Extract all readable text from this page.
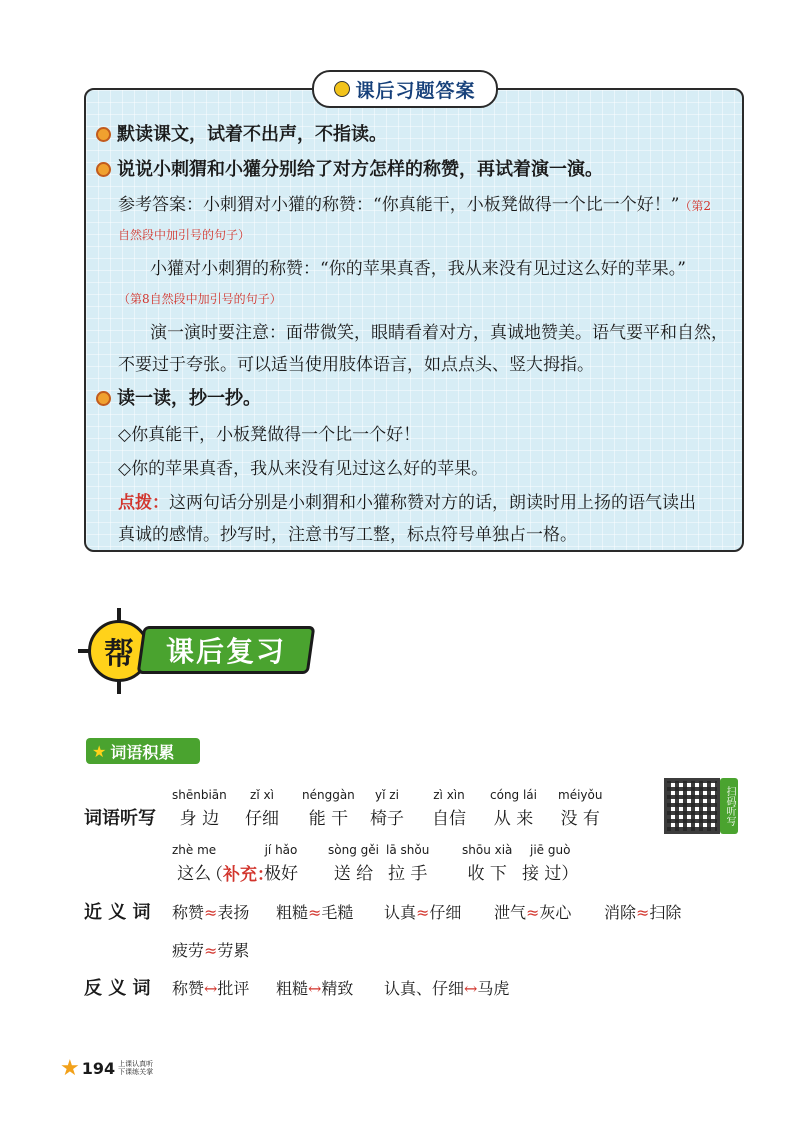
课后习题答案
默读课文，试着不出声，不指读。
说说小刺猬和小獾分别给了对方怎样的称赞，再试着演一演。
参考答案：小刺猬对小獾的称赞：“你真能干，小板凳做得一个比一个好！”（第2
自然段中加引号的句子）
小獾对小刺猬的称赞：“你的苹果真香，我从来没有见过这么好的苹果。”
（第8自然段中加引号的句子）
演一演时要注意：面带微笑，眼睛看着对方，真诚地赞美。语气要平和自然，
不要过于夸张。可以适当使用肢体语言，如点点头、竖大拇指。
读一读，抄一抄。
◇你真能干，小板凳做得一个比一个好！
◇你的苹果真香，我从来没有见过这么好的苹果。
点拨：这两句话分别是小刺猬和小獾称赞对方的话，朗读时用上扬的语气读出
真诚的感情。抄写时，注意书写工整，标点符号单独占一格。
帮 课后复习
★ 词语积累
词语听写
shēnbiān
身 边
zǐ xì
仔细
nénggàn
能 干
yǐ zi
椅子
zì xìn
自信
cóng lái
从 来
méiyǒu
没 有
zhè me
这么
jí hǎo
极好
sòng gěi
送 给
lā shǒu
拉 手
shōu xià
收 下
jiē guò
接 过）
（补充：
扫码听写
近 义 词 称赞≈表扬 粗糙≈毛糙 认真≈仔细 泄气≈灰心 消除≈扫除
疲劳≈劳累
反 义 词 称赞↔批评 粗糙↔精致 认真、仔细↔马虎
★ 194 上课认真听 下课练关掌
